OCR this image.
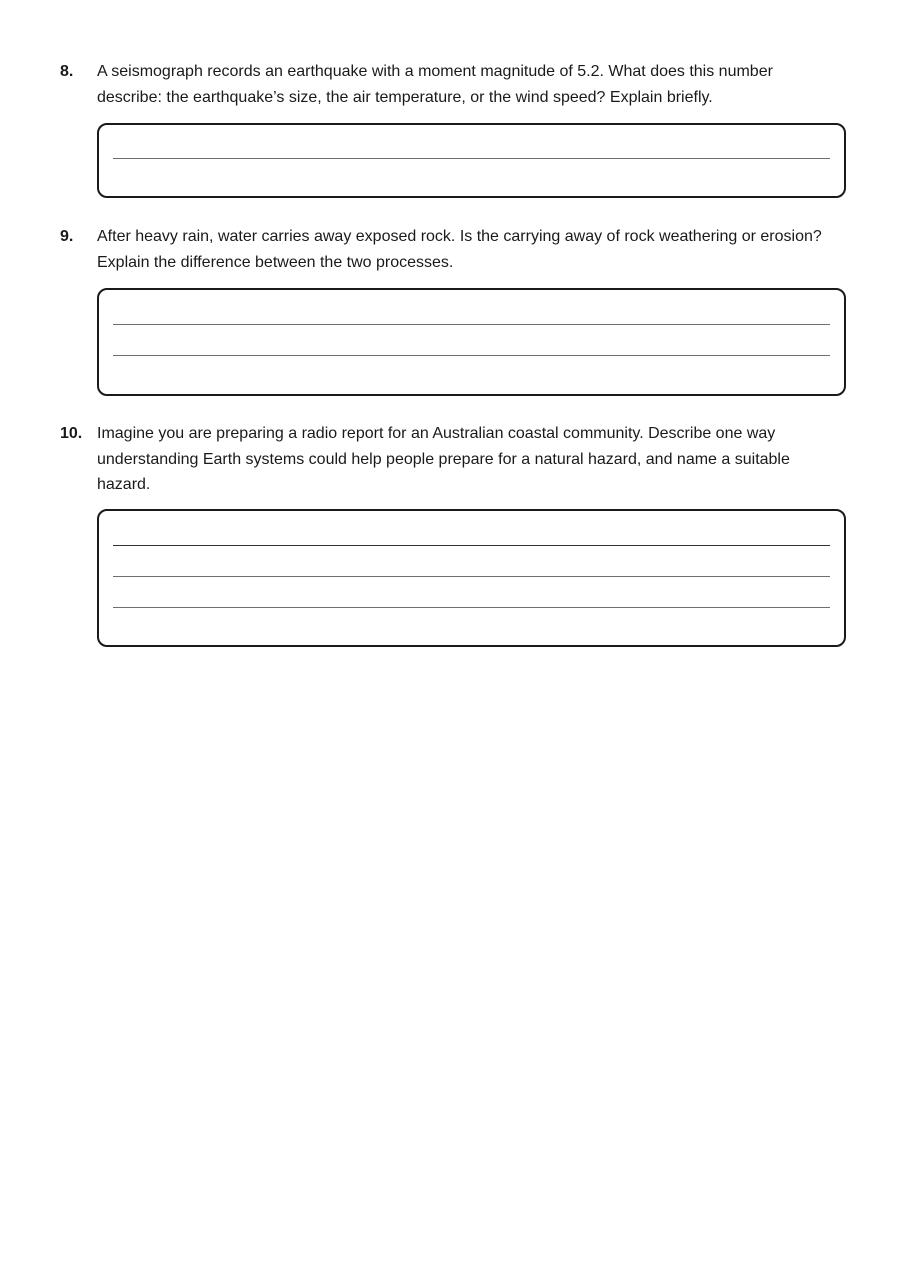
8.	A seismograph records an earthquake with a moment magnitude of 5.2. What does this number describe: the earthquake’s size, the air temperature, or the wind speed? Explain briefly.
9.	After heavy rain, water carries away exposed rock. Is the carrying away of rock weathering or erosion? Explain the difference between the two processes.
10. Imagine you are preparing a radio report for an Australian coastal community. Describe one way understanding Earth systems could help people prepare for a natural hazard, and name a suitable hazard.
